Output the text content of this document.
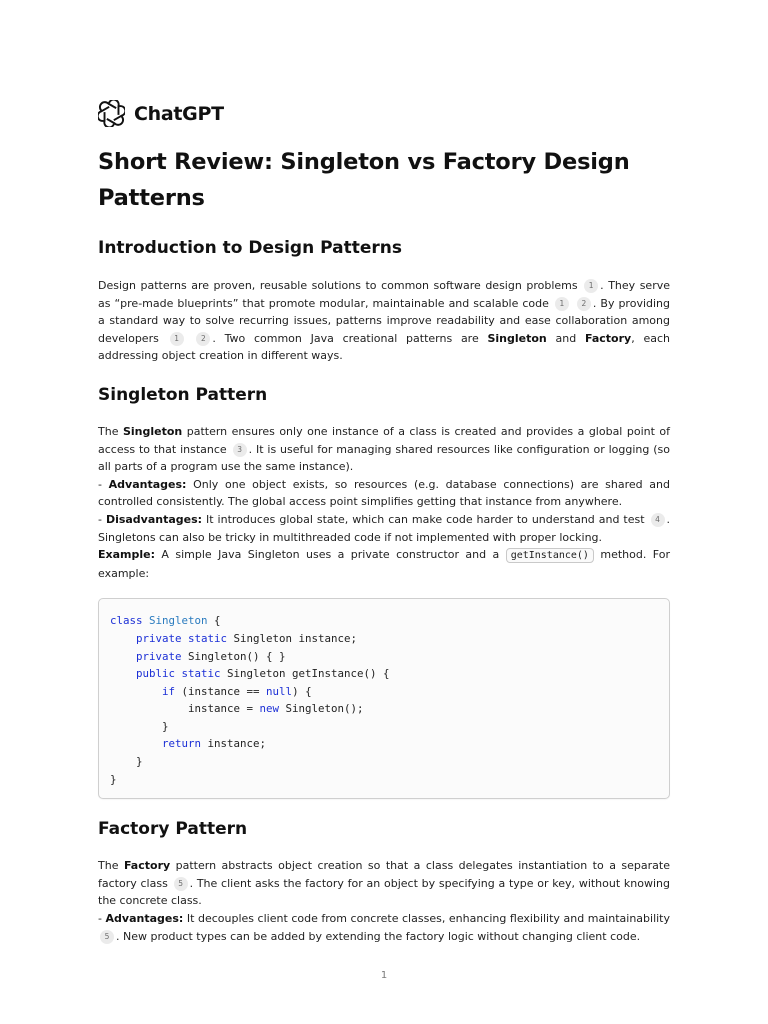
ChatGPT
Short Review: Singleton vs Factory Design Patterns
Introduction to Design Patterns

Design patterns are proven, reusable solutions to common software design problems 1 . They serve as “pre-made blueprints” that promote modular, maintainable and scalable code 1 2 . By providing a standard way to solve recurring issues, patterns improve readability and ease collaboration among developers 1	2 . Two common Java creational patterns are Singleton and Factory, each addressing object creation in different ways.

Singleton Pattern

The Singleton pattern ensures only one instance of a class is created and provides a global point of access to that instance 3 . It is useful for managing shared resources like configuration or logging (so all parts of a program use the same instance).
- Advantages: Only one object exists, so resources (e.g. database connections) are shared and controlled consistently. The global access point simplifies getting that instance from anywhere.
- Disadvantages: It introduces global state, which can make code harder to understand and test 4 . Singletons can also be tricky in multithreaded code if not implemented with proper locking.
Example: A simple Java Singleton uses a private constructor and a getInstance() method. For example:

class Singleton {
private static Singleton instance;
private Singleton() { }
public static Singleton getInstance() {
if (instance == null) {
instance = new Singleton();
}
return instance;
}
}
Factory Pattern

The Factory pattern abstracts object creation so that a class delegates instantiation to a separate factory class 5 . The client asks the factory for an object by specifying a type or key, without knowing the concrete class.
- Advantages: It decouples client code from concrete classes, enhancing flexibility and maintainability 5 . New product types can be added by extending the factory logic without changing client code.

1
